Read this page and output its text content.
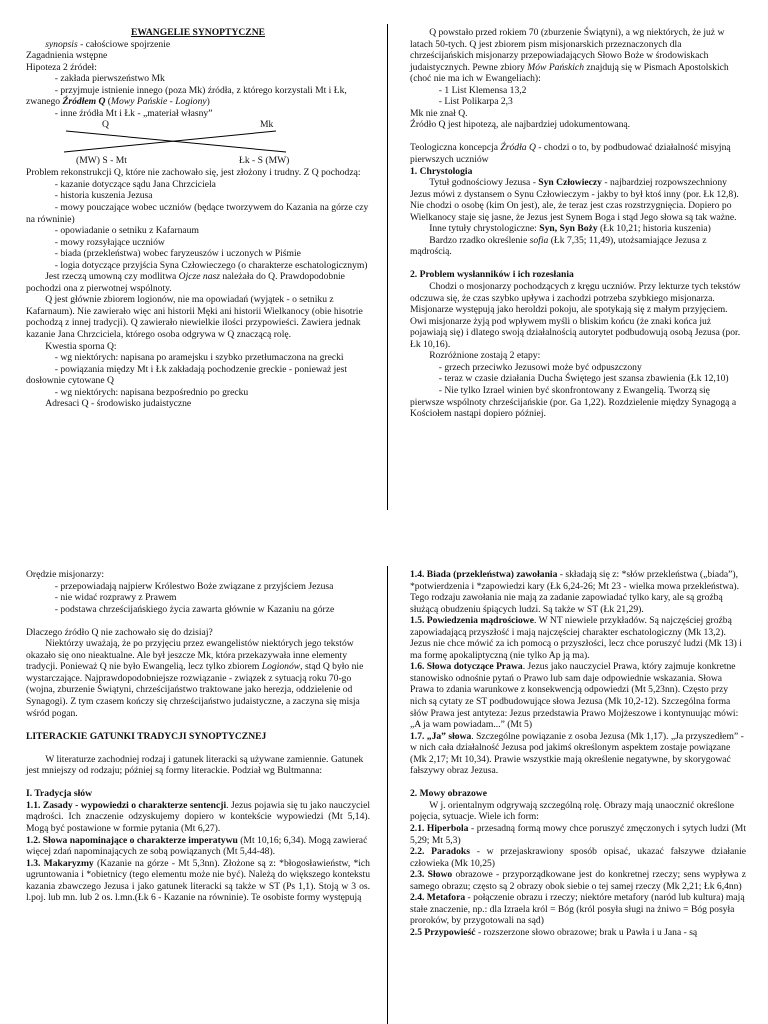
EWANGELIE SYNOPTYCZNE
synopsis - całościowe spojrzenie
Zagadnienia wstępne
Hipoteza 2 źródeł:
- zakłada pierwszeństwo Mk
- przyjmuje istnienie innego (poza Mk) źródła, z którego korzystali Mt i Łk, zwanego Źródłem Q (Mowy Pańskie - Logiony)
- inne źródła Mt i Łk - „materiał własny”
Q	Mk
(MW) S - Mt	Łk - S (MW)
Problem rekonstrukcji Q, które nie zachowało się, jest złożony i trudny. Z Q pochodzą:
- kazanie dotyczące sądu Jana Chrzciciela
- historia kuszenia Jezusa
- mowy pouczające wobec uczniów (będące tworzywem do Kazania na górze czy na równinie)
- opowiadanie o setniku z Kafarnaum
- mowy rozsyłające uczniów
- biada (przekleństwa) wobec faryzeuszów i uczonych w Piśmie
- logia dotyczące przyjścia Syna Człowieczego (o charakterze eschatologicznym)
Jest rzeczą umowną czy modlitwa Ojcze nasz należała do Q. Prawdopodobnie pochodzi ona z pierwotnej wspólnoty.
Q jest głównie zbiorem logionów, nie ma opowiadań (wyjątek - o setniku z Kafarnaum). Nie zawierało więc ani historii Męki ani historii Wielkanocy (obie hisotrie pochodzą z innej tradycji). Q zawierało niewielkie ilości przypowieści. Zawiera jednak kazanie Jana Chrzciciela, którego osoba odgrywa w Q znaczącą rolę.
Kwestia sporna Q:
- wg niektórych: napisana po aramejsku i szybko przetłumaczona na grecki
- powiązania między Mt i Łk zakładają pochodzenie greckie - ponieważ jest dosłownie cytowane Q
- wg niektórych: napisana bezpośrednio po grecku
Adresaci Q - środowisko judaistyczne
Q powstało przed rokiem 70 (zburzenie Świątyni), a wg niektórych, że już w latach 50-tych. Q jest zbiorem pism misjonarskich przeznaczonych dla chrześcijańskich misjonarzy przepowiadających Słowo Boże w środowiskach judaistycznych. Pewne zbiory Mów Pańskich znajdują się w Pismach Apostolskich (choć nie ma ich w Ewangeliach):
- 1 List Klemensa 13,2
- List Polikarpa 2,3
Mk nie znał Q.
Źródło Q jest hipotezą, ale najbardziej udokumentowaną.

Teologiczna koncepcja Źródła Q - chodzi o to, by podbudować działalność misyjną pierwszych uczniów
1. Chrystologia
Tytuł godnościowy Jezusa - Syn Człowieczy - najbardziej rozpowszechniony
Jezus mówi z dystansem o Synu Człowieczym - jakby to był ktoś inny (por. Łk 12,8). Nie chodzi o osobę (kim On jest), ale, że teraz jest czas rozstrzygnięcia. Dopiero po Wielkanocy staje się jasne, że Jezus jest Synem Boga i stąd Jego słowa są tak ważne.
Inne tytuły chrystologiczne: Syn, Syn Boży (Łk 10,21; historia kuszenia)
Bardzo rzadko określenie sofia (Łk 7,35; 11,49), utożsamiające Jezusa z mądrością.

2. Problem wysłanników i ich rozesłania
Chodzi o mosjonarzy pochodzących z kręgu uczniów. Przy lekturze tych tekstów odczuwa się, że czas szybko upływa i zachodzi potrzeba szybkiego misjonarza. Misjonarze występują jako heroldzi pokoju, ale spotykają się z małym przyjęciem. Owi misjonarze żyją pod wpływem myśli o bliskim końcu (że znaki końca już pojawiają się) i dlatego swoją działalnością autorytet podbudowują osobą Jezusa (por. Łk 10,16).
Rozróżnione zostają 2 etapy:
- grzech przeciwko Jezusowi może być odpuszczony
- teraz w czasie działania Ducha Świętego jest szansa zbawienia (Łk 12,10)
- Nie tylko Izrael winien być skonfrontowany z Ewangelią. Tworzą się pierwsze wspólnoty chrześcijańskie (por. Ga 1,22). Rozdzielenie między Synagogą a Kościołem nastąpi dopiero później.
Orędzie misjonarzy:
- przepowiadają najpierw Królestwo Boże związane z przyjściem Jezusa
- nie widać rozprawy z Prawem
- podstawa chrześcijańskiego życia zawarta głównie w Kazaniu na górze

Dlaczego źródło Q nie zachowało się do dzisiaj?
Niektórzy uważają, że po przyjęciu przez ewangelistów niektórych jego tekstów okazało się ono nieaktualne. Ale był jeszcze Mk, która przekazywała inne elementy tradycji. Ponieważ Q nie było Ewangelią, lecz tylko zbiorem Logionów, stąd Q było nie wystarczające. Najprawdopodobniejsze rozwiązanie - związek z sytuacją roku 70-go (wojna, zburzenie Świątyni, chrześcijaństwo traktowane jako herezja, oddzielenie od Synagogi). Z tym czasem kończy się chrześcijaństwo judaistyczne, a zaczyna się misja wśród pogan.

LITERACKIE GATUNKI TRADYCJI SYNOPTYCZNEJ

W literaturze zachodniej rodzaj i gatunek literacki są używane zamiennie. Gatunek jest mniejszy od rodzaju; później są formy literackie. Podział wg Bultmanna:

I. Tradycja słów
1.1. Zasady - wypowiedzi o charakterze sentencji. Jezus pojawia się tu jako nauczyciel mądrości. Ich znaczenie odzyskujemy dopiero w kontekście wypowiedzi (Mt 5,14). Mogą być postawione w formie pytania (Mt 6,27).
1.2. Słowa napominające o charakterze imperatywu (Mt 10,16; 6,34). Mogą zawierać więcej zdań napominających ze sobą powiązanych (Mt 5,44-48).
1.3. Makaryzmy (Kazanie na górze - Mt 5,3nn). Złożone są z: *błogosławieństw, *ich ugruntowania i *obietnicy (tego elementu może nie być). Należą do większego kontekstu kazania zbawczego Jezusa i jako gatunek literacki są także w ST (Ps 1,1). Stoją w 3 os. l.poj. lub mn. lub 2 os. l.mn.(Łk 6 - Kazanie na równinie). Te osobiste formy występują
1.4. Biada (przekleństwa) zawołania - składają się z: *słów przekleństwa („biada”), *potwierdzenia i *zapowiedzi kary (Łk 6,24-26; Mt 23 - wielka mowa przekleństwa). Tego rodzaju zawołania nie mają za zadanie zapowiadać tylko kary, ale są groźbą służącą obudzeniu śpiących ludzi. Są także w ST (Łk 21,29).
1.5. Powiedzenia mądrościowe. W NT niewiele przykładów. Są najczęściej groźbą zapowiadającą przyszłość i mają najczęściej charakter eschatologiczny (Mk 13,2). Jezus nie chce mówić za ich pomocą o przyszłości, lecz chce poruszyć ludzi (Mk 13) i ma formę apokaliptyczną (nie tylko Ap ją ma).
1.6. Słowa dotyczące Prawa. Jezus jako nauczyciel Prawa, który zajmuje konkretne stanowisko odnośnie pytań o Prawo lub sam daje odpowiednie wskazania. Słowa Prawa to zdania warunkowe z konsekwencją odpowiedzi (Mt 5,23nn). Często przy nich są cytaty ze ST podbudowujące słowa Jezusa (Mk 10,2-12). Szczególna forma słów Prawa jest antyteza: Jezus przedstawia Prawo Mojżeszowe i kontynuując mówi: „A ja wam powiadam...” (Mt 5)
1.7. „Ja” słowa. Szczególne powiązanie z osoba Jezusa (Mk 1,17). „Ja przyszedłem” - w nich cała działalność Jezusa pod jakimś określonym aspektem zostaje powiązane (Mk 2,17; Mt 10,34). Prawie wszystkie mają określenie negatywne, by skorygować fałszywy obraz Jezusa.

2. Mowy obrazowe
W j. orientalnym odgrywają szczególną rolę. Obrazy mają unaocznić określone pojęcia, sytuacje. Wiele ich form:
2.1. Hiperbola - przesadną formą mowy chce poruszyć zmęczonych i sytych ludzi (Mt 5,29; Mt 5,3)
2.2. Paradoks - w przejaskrawiony sposób opisać, ukazać fałszywe działanie człowieka (Mk 10,25)
2.3. Słowo obrazowe - przyporządkowane jest do konkretnej rzeczy; sens wypływa z samego obrazu; często są 2 obrazy obok siebie o tej samej rzeczy (Mk 2,21; Łk 6,4nn)
2.4. Metafora - połączenie obrazu i rzeczy; niektóre metafory (naród lub kultura) mają stałe znaczenie, np.: dla Izraela król = Bóg (król posyła sługi na żniwo = Bóg posyła proroków, by przygotowali na sąd)
2.5 Przypowieść - rozszerzone słowo obrazowe; brak u Pawła i u Jana - są
